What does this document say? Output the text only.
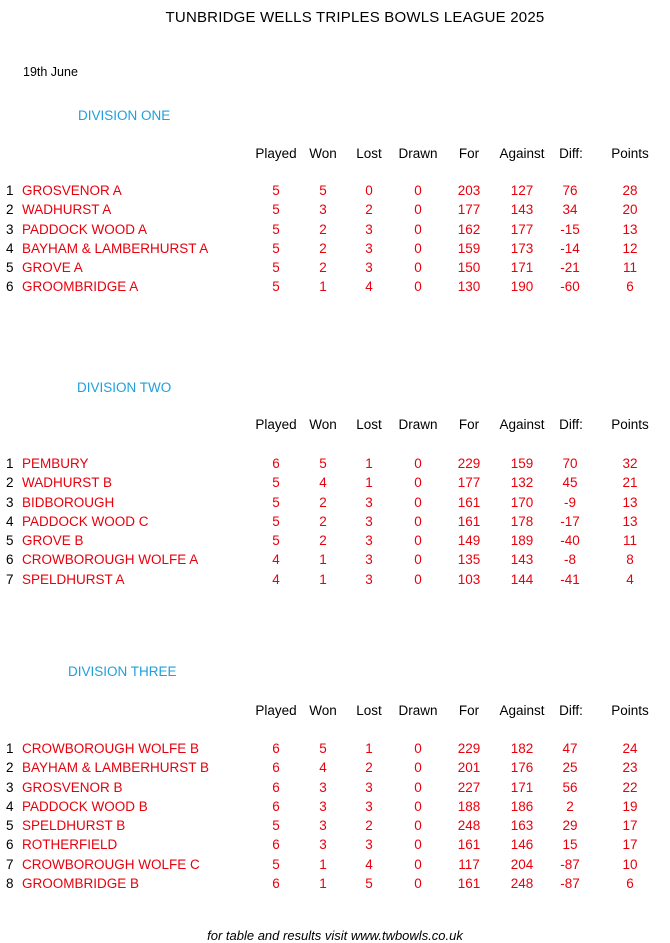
TUNBRIDGE WELLS TRIPLES BOWLS LEAGUE 2025
19th June
DIVISION ONE
Played Won	Lost	Drawn	For	Against	Diff:	Points
1 GROSVENOR A	5	5	0	0	203	127	76	28
2 WADHURST A	5	3	2	0	177	143	34	20
3 PADDOCK WOOD A	5	2	3	0	162	177	-15	13
4 BAYHAM & LAMBERHURST A	5	2	3	0	159	173	-14	12
5 GROVE A	5	2	3	0	150	171	-21	11
6 GROOMBRIDGE A	5	1	4	0	130	190	-60	6
DIVISION TWO
Played Won	Lost	Drawn	For	Against	Diff:	Points
1 PEMBURY	6	5	1	0	229	159	70	32
2 WADHURST B	5	4	1	0	177	132	45	21
3 BIDBOROUGH	5	2	3	0	161	170	-9	13
4 PADDOCK WOOD C	5	2	3	0	161	178	-17	13
5 GROVE B	5	2	3	0	149	189	-40	11
6 CROWBOROUGH WOLFE A	4	1	3	0	135	143	-8	8
7 SPELDHURST A	4	1	3	0	103	144	-41	4
DIVISION THREE
Played Won	Lost	Drawn	For	Against	Diff:	Points
1 CROWBOROUGH WOLFE B	6	5	1	0	229	182	47	24
2 BAYHAM & LAMBERHURST B	6	4	2	0	201	176	25	23
3 GROSVENOR B	6	3	3	0	227	171	56	22
4 PADDOCK WOOD B	6	3	3	0	188	186	2	19
5 SPELDHURST B	5	3	2	0	248	163	29	17
6 ROTHERFIELD	6	3	3	0	161	146	15	17
7 CROWBOROUGH WOLFE C	5	1	4	0	117	204	-87	10
8 GROOMBRIDGE B	6	1	5	0	161	248	-87	6
for table and results visit www.twbowls.co.uk
